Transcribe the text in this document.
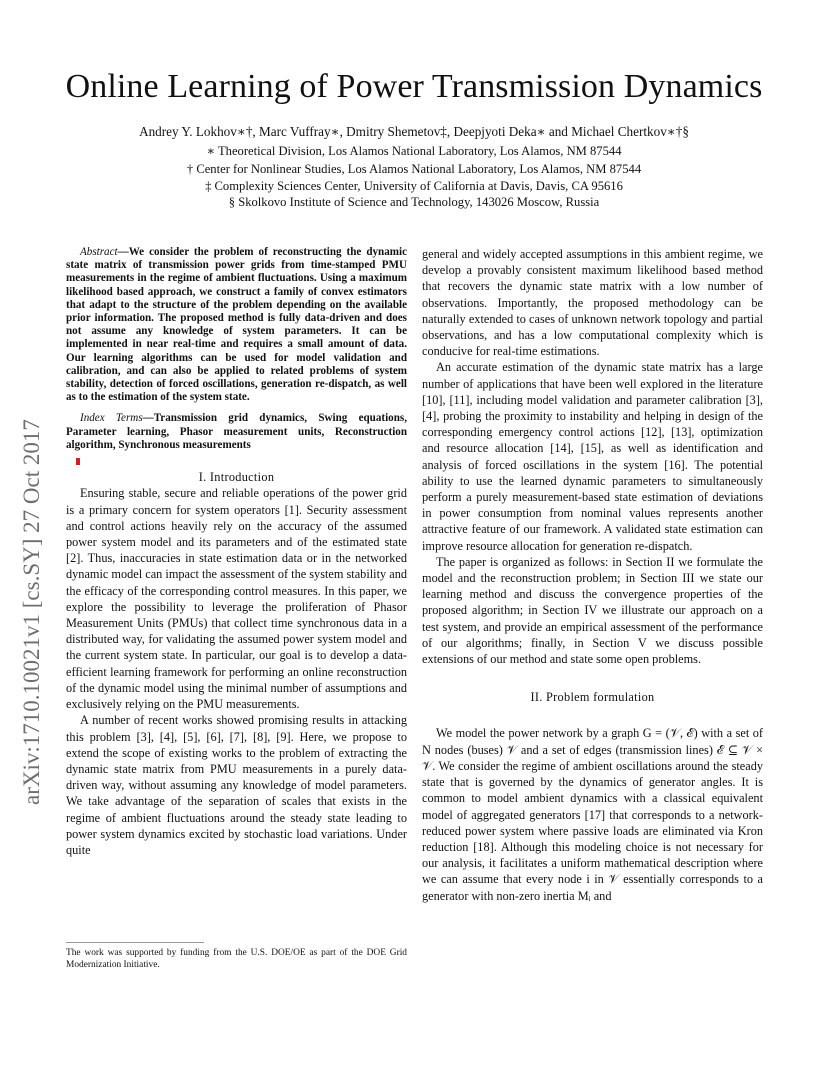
Online Learning of Power Transmission Dynamics
Andrey Y. Lokhov∗†, Marc Vuffray∗, Dmitry Shemetov‡, Deepjyoti Deka∗ and Michael Chertkov∗†§
∗ Theoretical Division, Los Alamos National Laboratory, Los Alamos, NM 87544
† Center for Nonlinear Studies, Los Alamos National Laboratory, Los Alamos, NM 87544
‡ Complexity Sciences Center, University of California at Davis, Davis, CA 95616
§ Skolkovo Institute of Science and Technology, 143026 Moscow, Russia
arXiv:1710.10021v1 [cs.SY] 27 Oct 2017

Abstract—We consider the problem of reconstructing the dynamic state matrix of transmission power grids from time-stamped PMU measurements in the regime of ambient fluctuations. Using a maximum likelihood based approach, we construct a family of convex estimators that adapt to the structure of the problem depending on the available prior information. The proposed method is fully data-driven and does not assume any knowledge of system parameters. It can be implemented in near real-time and requires a small amount of data. Our learning algorithms can be used for model validation and calibration, and can also be applied to related problems of system stability, detection of forced oscillations, generation re-dispatch, as well as to the estimation of the system state.

Index Terms—Transmission grid dynamics, Swing equations, Parameter learning, Phasor measurement units, Reconstruction algorithm, Synchronous measurements

I. Introduction

Ensuring stable, secure and reliable operations of the power grid is a primary concern for system operators [1]. Security assessment and control actions heavily rely on the accuracy of the assumed power system model and its parameters and of the estimated state [2]. Thus, inaccuracies in state estimation data or in the networked dynamic model can impact the assessment of the system stability and the efficacy of the corresponding control measures. In this paper, we explore the possibility to leverage the proliferation of Phasor Measurement Units (PMUs) that collect time synchronous data in a distributed way, for validating the assumed power system model and the current system state. In particular, our goal is to develop a data-efficient learning framework for performing an online reconstruction of the dynamic model using the minimal number of assumptions and exclusively relying on the PMU measurements.

A number of recent works showed promising results in attacking this problem [3], [4], [5], [6], [7], [8], [9]. Here, we propose to extend the scope of existing works to the problem of extracting the dynamic state matrix from PMU measurements in a purely data-driven way, without assuming any knowledge of model parameters. We take advantage of the separation of scales that exists in the regime of ambient fluctuations around the steady state leading to power system dynamics excited by stochastic load variations. Under quite

general and widely accepted assumptions in this ambient regime, we develop a provably consistent maximum likelihood based method that recovers the dynamic state matrix with a low number of observations. Importantly, the proposed methodology can be naturally extended to cases of unknown network topology and partial observations, and has a low computational complexity which is conducive for real-time estimations.

An accurate estimation of the dynamic state matrix has a large number of applications that have been well explored in the literature [10], [11], including model validation and parameter calibration [3], [4], probing the proximity to instability and helping in design of the corresponding emergency control actions [12], [13], optimization and resource allocation [14], [15], as well as identification and analysis of forced oscillations in the system [16]. The potential ability to use the learned dynamic parameters to simultaneously perform a purely measurement-based state estimation of deviations in power consumption from nominal values represents another attractive feature of our framework. A validated state estimation can improve resource allocation for generation re-dispatch.

The paper is organized as follows: in Section II we formulate the model and the reconstruction problem; in Section III we state our learning method and discuss the convergence properties of the proposed algorithm; in Section IV we illustrate our approach on a test system, and provide an empirical assessment of the performance of our algorithms; finally, in Section V we discuss possible extensions of our method and state some open problems.

II. Problem formulation

We model the power network by a graph G = (𝒱, ℰ) with a set of N nodes (buses) 𝒱 and a set of edges (transmission lines) ℰ ⊆ 𝒱 × 𝒱. We consider the regime of ambient oscillations around the steady state that is governed by the dynamics of generator angles. It is common to model ambient dynamics with a classical equivalent model of aggregated generators [17] that corresponds to a network-reduced power system where passive loads are eliminated via Kron reduction [18]. Although this modeling choice is not necessary for our analysis, it facilitates a uniform mathematical description where we can assume that every node i in 𝒱 essentially corresponds to a generator with non-zero inertia Mᵢ and

The work was supported by funding from the U.S. DOE/OE as part of the DOE Grid Modernization Initiative.
